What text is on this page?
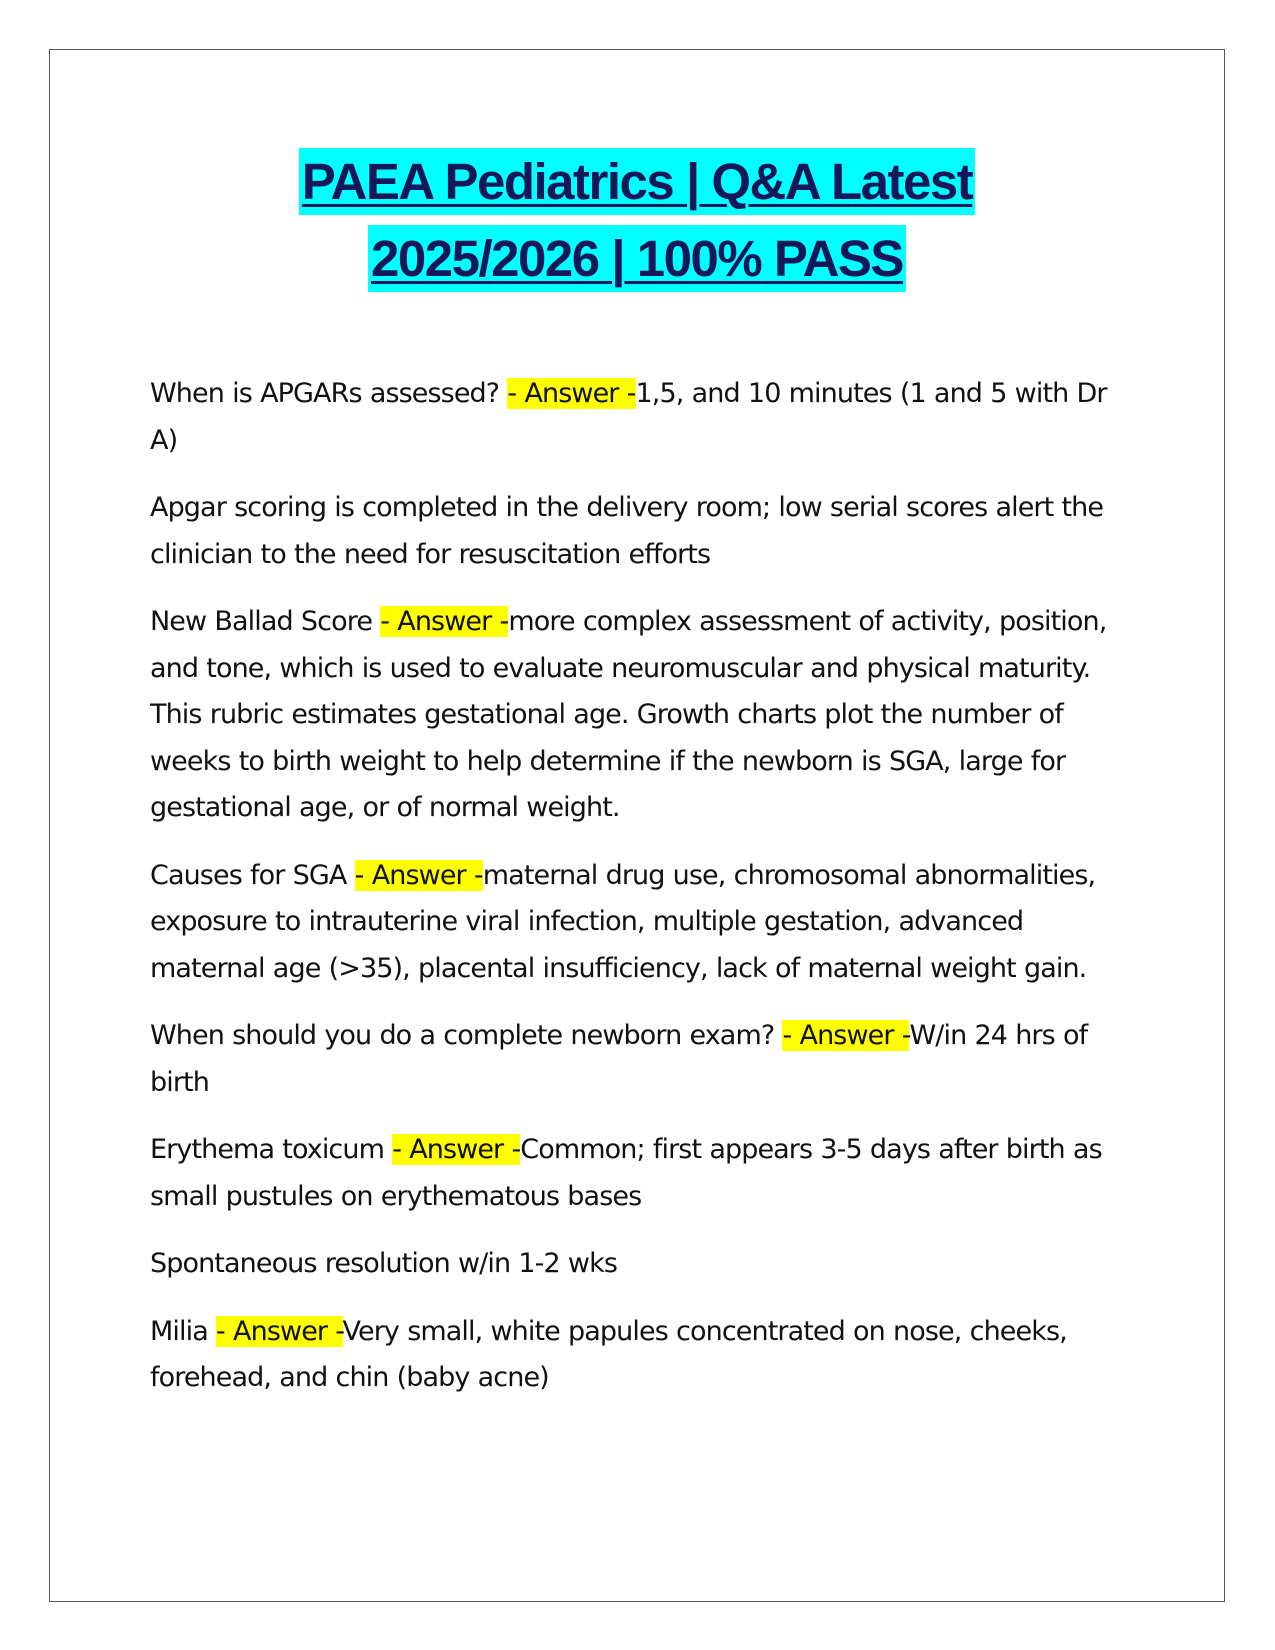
PAEA Pediatrics | Q&A Latest
2025/2026 | 100% PASS

When is APGARs assessed? - Answer -1,5, and 10 minutes (1 and 5 with Dr A)

Apgar scoring is completed in the delivery room; low serial scores alert the clinician to the need for resuscitation efforts

New Ballad Score - Answer -more complex assessment of activity, position, and tone, which is used to evaluate neuromuscular and physical maturity. This rubric estimates gestational age. Growth charts plot the number of weeks to birth weight to help determine if the newborn is SGA, large for gestational age, or of normal weight.

Causes for SGA - Answer -maternal drug use, chromosomal abnormalities, exposure to intrauterine viral infection, multiple gestation, advanced maternal age (>35), placental insufficiency, lack of maternal weight gain.

When should you do a complete newborn exam? - Answer -W/in 24 hrs of birth

Erythema toxicum - Answer -Common; first appears 3-5 days after birth as small pustules on erythematous bases

Spontaneous resolution w/in 1-2 wks

Milia - Answer -Very small, white papules concentrated on nose, cheeks, forehead, and chin (baby acne)
